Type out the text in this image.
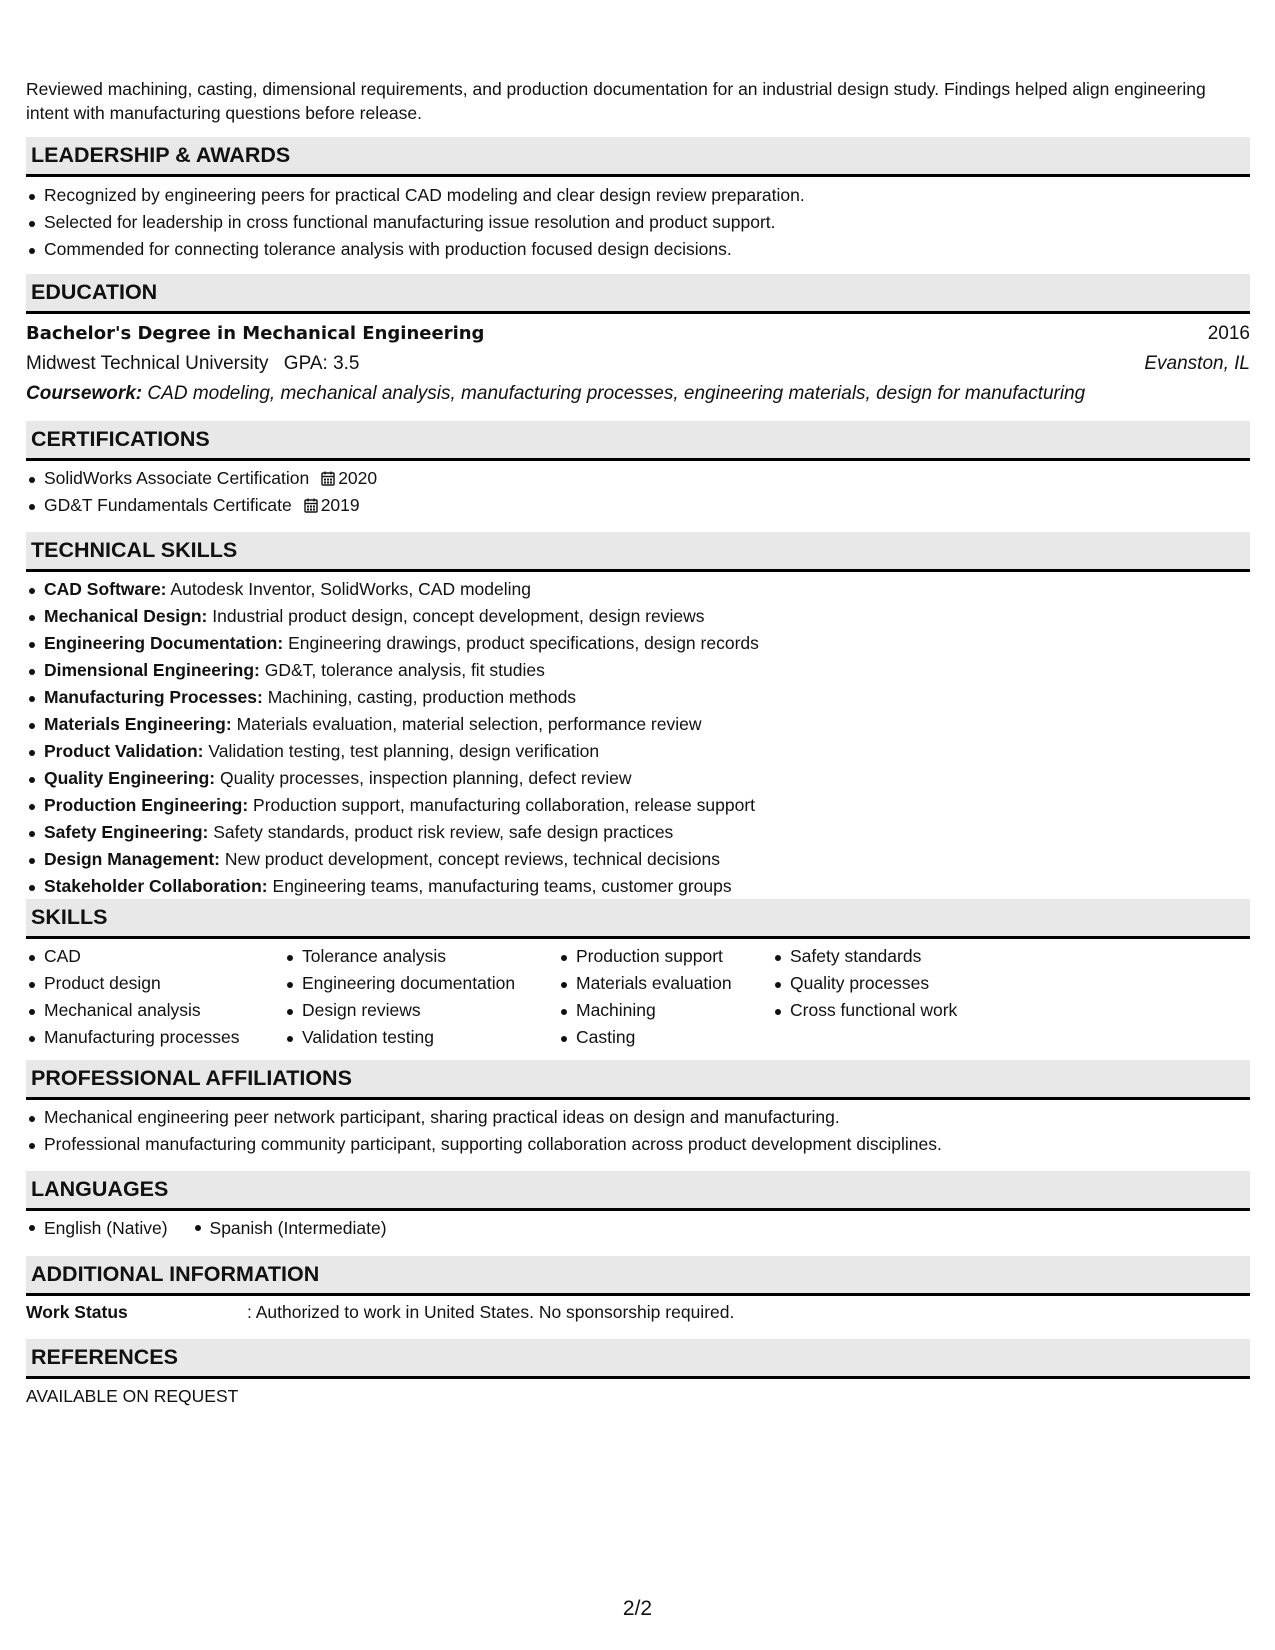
Reviewed machining, casting, dimensional requirements, and production documentation for an industrial design study. Findings helped align engineering intent with manufacturing questions before release.
LEADERSHIP & AWARDS
Recognized by engineering peers for practical CAD modeling and clear design review preparation.
Selected for leadership in cross functional manufacturing issue resolution and product support.
Commended for connecting tolerance analysis with production focused design decisions.
EDUCATION
Bachelor's Degree in Mechanical Engineering	2016
Midwest Technical University GPA: 3.5	Evanston, IL
Coursework: CAD modeling, mechanical analysis, manufacturing processes, engineering materials, design for manufacturing
CERTIFICATIONS
SolidWorks Associate Certification 2020
GD&T Fundamentals Certificate 2019
TECHNICAL SKILLS
CAD Software: Autodesk Inventor, SolidWorks, CAD modeling
Mechanical Design: Industrial product design, concept development, design reviews
Engineering Documentation: Engineering drawings, product specifications, design records
Dimensional Engineering: GD&T, tolerance analysis, fit studies
Manufacturing Processes: Machining, casting, production methods
Materials Engineering: Materials evaluation, material selection, performance review
Product Validation: Validation testing, test planning, design verification
Quality Engineering: Quality processes, inspection planning, defect review
Production Engineering: Production support, manufacturing collaboration, release support
Safety Engineering: Safety standards, product risk review, safe design practices
Design Management: New product development, concept reviews, technical decisions
Stakeholder Collaboration: Engineering teams, manufacturing teams, customer groups
SKILLS
CAD
Product design
Mechanical analysis
Manufacturing processes
Tolerance analysis
Engineering documentation
Design reviews
Validation testing
Production support
Materials evaluation
Machining
Casting
Safety standards
Quality processes
Cross functional work
PROFESSIONAL AFFILIATIONS
Mechanical engineering peer network participant, sharing practical ideas on design and manufacturing.
Professional manufacturing community participant, supporting collaboration across product development disciplines.
LANGUAGES
English (Native) Spanish (Intermediate)
ADDITIONAL INFORMATION
Work Status	: Authorized to work in United States. No sponsorship required.
REFERENCES
AVAILABLE ON REQUEST
2/2
